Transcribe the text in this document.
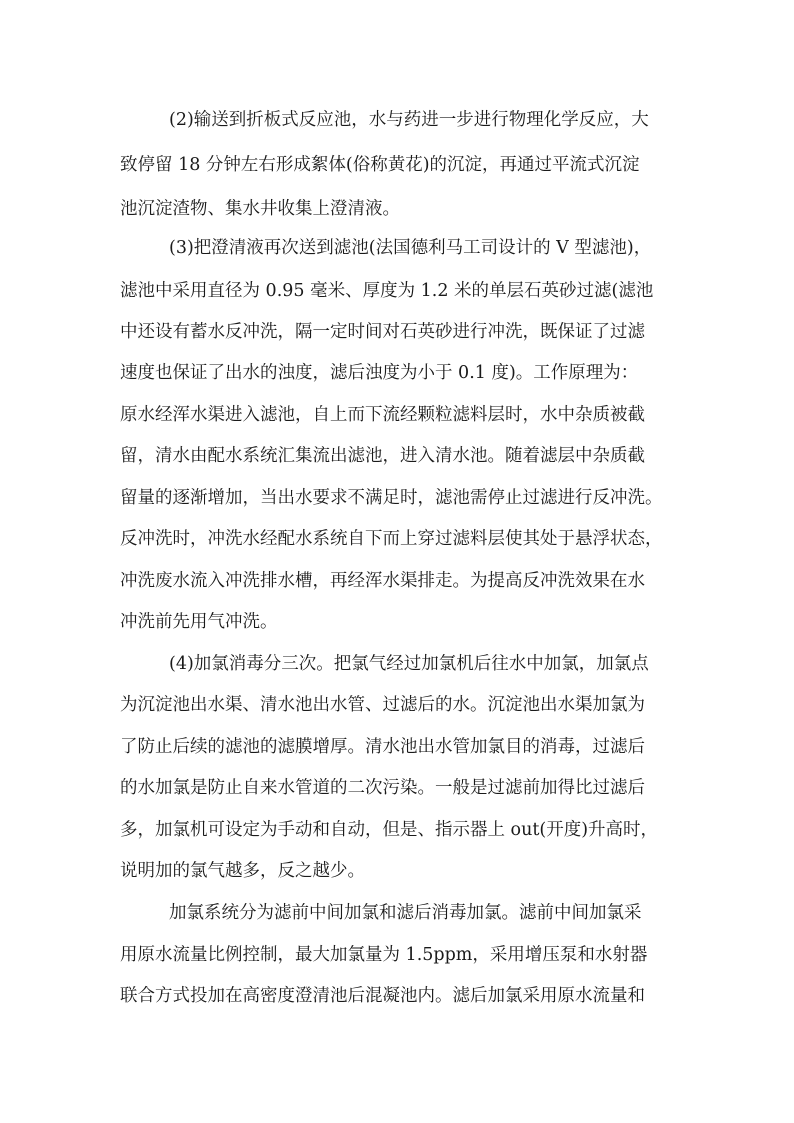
(2)输送到折板式反应池，水与药进一步进行物理化学反应，大
致停留 18 分钟左右形成絮体(俗称黄花)的沉淀，再通过平流式沉淀
池沉淀渣物、集水井收集上澄清液。
(3)把澄清液再次送到滤池(法国德利马工司设计的 V 型滤池)，
滤池中采用直径为 0.95 毫米、厚度为 1.2 米的单层石英砂过滤(滤池
中还设有蓄水反冲洗，隔一定时间对石英砂进行冲洗，既保证了过滤
速度也保证了出水的浊度，滤后浊度为小于 0.1 度)。工作原理为：
原水经浑水渠进入滤池，自上而下流经颗粒滤料层时，水中杂质被截
留，清水由配水系统汇集流出滤池，进入清水池。随着滤层中杂质截
留量的逐渐增加，当出水要求不满足时，滤池需停止过滤进行反冲洗。
反冲洗时，冲洗水经配水系统自下而上穿过滤料层使其处于悬浮状态，
冲洗废水流入冲洗排水槽，再经浑水渠排走。为提高反冲洗效果在水
冲洗前先用气冲洗。
(4)加氯消毒分三次。把氯气经过加氯机后往水中加氯，加氯点
为沉淀池出水渠、清水池出水管、过滤后的水。沉淀池出水渠加氯为
了防止后续的滤池的滤膜增厚。清水池出水管加氯目的消毒，过滤后
的水加氯是防止自来水管道的二次污染。一般是过滤前加得比过滤后
多，加氯机可设定为手动和自动，但是、指示器上 out(开度)升高时，
说明加的氯气越多，反之越少。
加氯系统分为滤前中间加氯和滤后消毒加氯。滤前中间加氯采
用原水流量比例控制，最大加氯量为 1.5ppm，采用增压泵和水射器
联合方式投加在高密度澄清池后混凝池内。滤后加氯采用原水流量和
